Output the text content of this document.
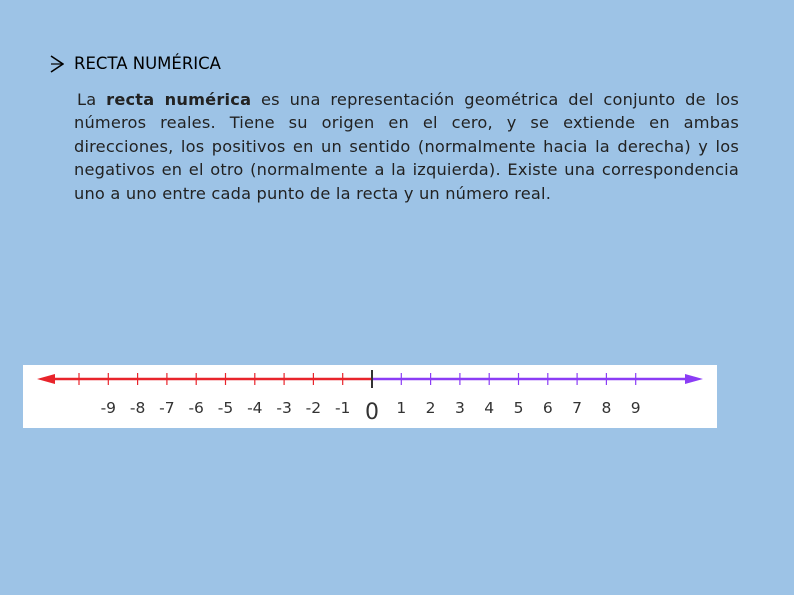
RECTA NUMÉRICA
La recta numérica es una representación geométrica del conjunto de los números reales. Tiene su origen en el cero, y se extiende en ambas direcciones, los positivos en un sentido (normalmente hacia la derecha) y los negativos en el otro (normalmente a la izquierda). Existe una correspondencia uno a uno entre cada punto de la recta y un número real.
-9 -8 -7 -6 -5 -4 -3 -2 -1 0 1 2 3 4 5 6 7 8 9
